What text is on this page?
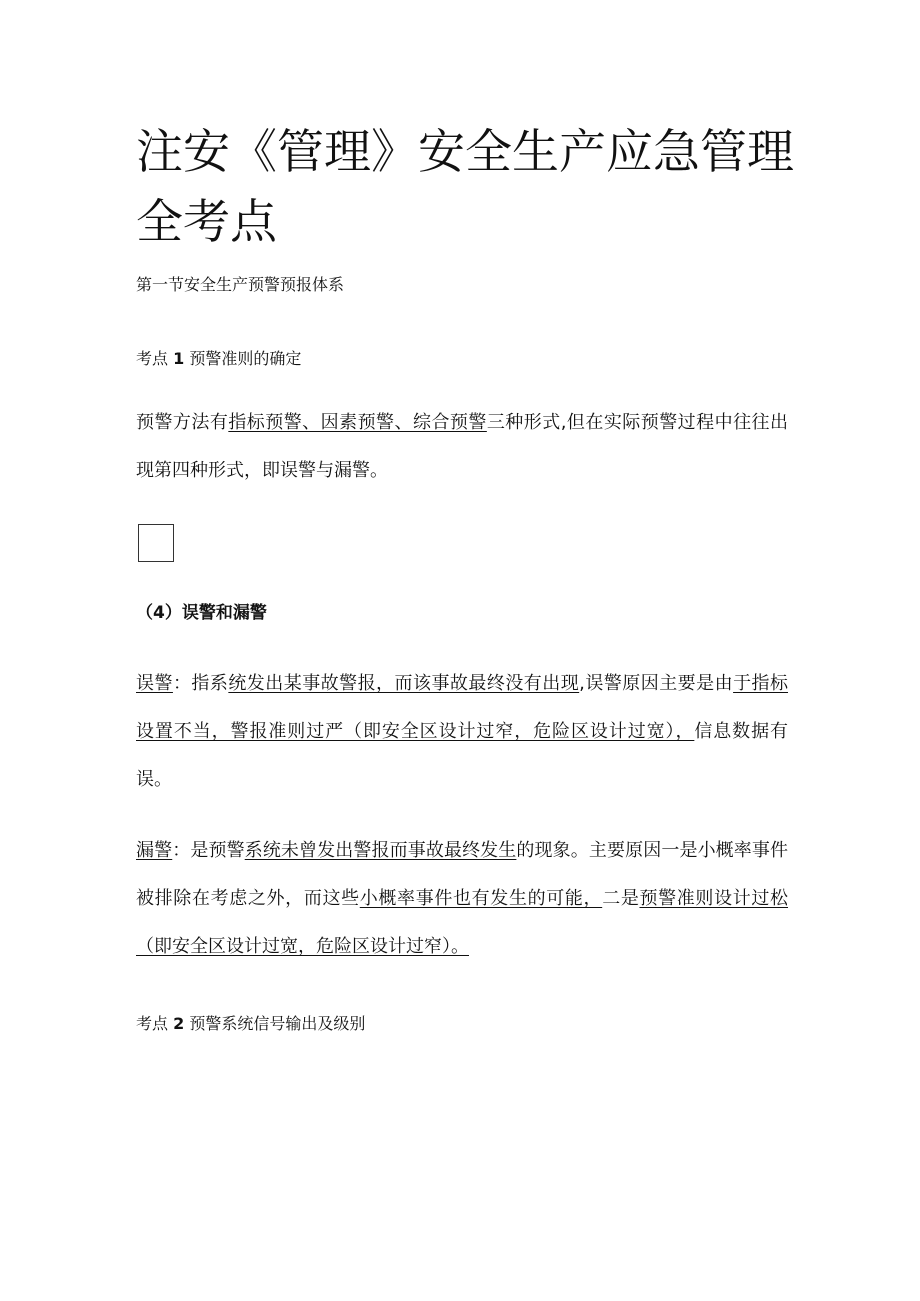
注安《管理》安全生产应急管理全考点

第一节安全生产预警预报体系

考点 1 预警准则的确定

预警方法有指标预警、因素预警、综合预警三种形式,但在实际预警过程中往往出现第四种形式，即误警与漏警。

（4）误警和漏警

误警：指系统发出某事故警报，而该事故最终没有出现,误警原因主要是由于指标设置不当，警报准则过严（即安全区设计过窄，危险区设计过宽），信息数据有误。

漏警：是预警系统未曾发出警报而事故最终发生的现象。主要原因一是小概率事件被排除在考虑之外，而这些小概率事件也有发生的可能，二是预警准则设计过松（即安全区设计过宽，危险区设计过窄）。

考点 2 预警系统信号输出及级别
